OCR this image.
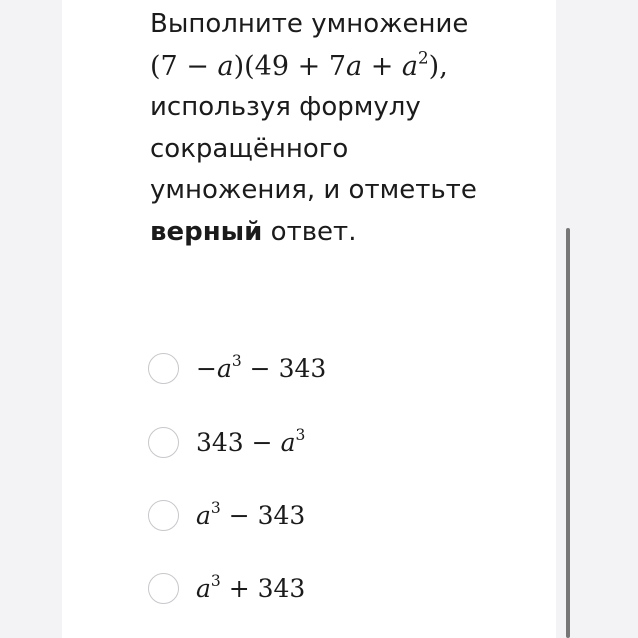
Выполните умножение
$(7 - a)(49 + 7a + a^2)$,
используя формулу
сокращённого
умножения, и отметьте
верный ответ.
$-a^3 - 343$
$343 - a^3$
$a^3 - 343$
$a^3 + 343$
